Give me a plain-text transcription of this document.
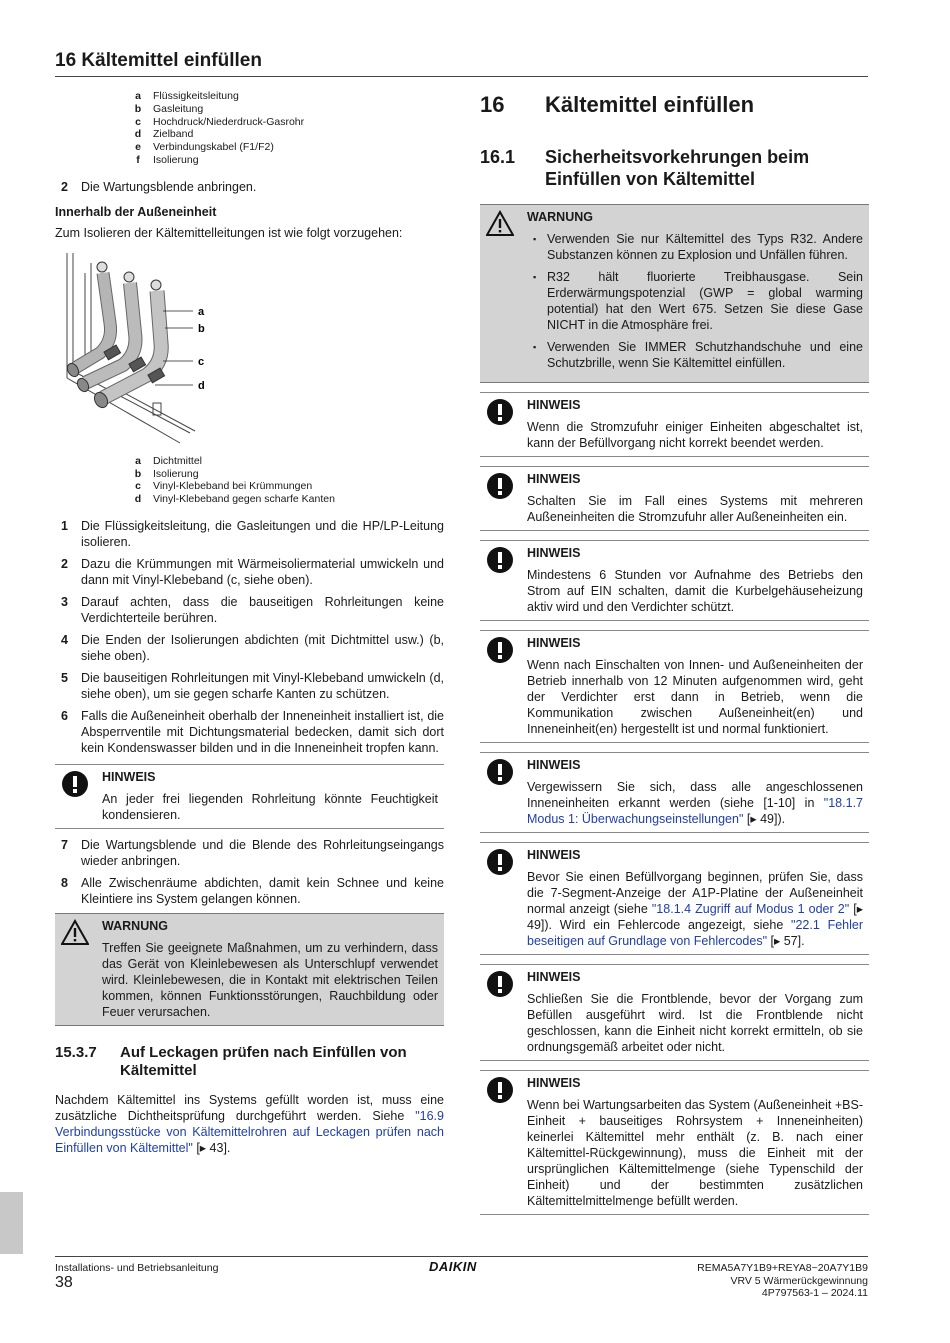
16 Kältemittel einfüllen
a	Flüssigkeitsleitung
b	Gasleitung
c	Hochdruck/Niederdruck-Gasrohr
d	Zielband
e	Verbindungskabel (F1/F2)
f	Isolierung
2	Die Wartungsblende anbringen.
Innerhalb der Außeneinheit
Zum Isolieren der Kältemittelleitungen ist wie folgt vorzugehen:
a
b
c
d
a	Dichtmittel
b	Isolierung
c	Vinyl-Klebeband bei Krümmungen
d	Vinyl-Klebeband gegen scharfe Kanten
1	Die Flüssigkeitsleitung, die Gasleitungen und die HP/LP-Leitung isolieren.
2	Dazu die Krümmungen mit Wärmeisoliermaterial umwickeln und dann mit Vinyl-Klebeband (c, siehe oben).
3	Darauf achten, dass die bauseitigen Rohrleitungen keine Verdichterteile berühren.
4	Die Enden der Isolierungen abdichten (mit Dichtmittel usw.) (b, siehe oben).
5	Die bauseitigen Rohrleitungen mit Vinyl-Klebeband umwickeln (d, siehe oben), um sie gegen scharfe Kanten zu schützen.
6	Falls die Außeneinheit oberhalb der Inneneinheit installiert ist, die Absperrventile mit Dichtungsmaterial bedecken, damit sich dort kein Kondenswasser bilden und in die Inneneinheit tropfen kann.
HINWEIS
An jeder frei liegenden Rohrleitung könnte Feuchtigkeit kondensieren.
7	Die Wartungsblende und die Blende des Rohrleitungseingangs wieder anbringen.
8	Alle Zwischenräume abdichten, damit kein Schnee und keine Kleintiere ins System gelangen können.
WARNUNG
Treffen Sie geeignete Maßnahmen, um zu verhindern, dass das Gerät von Kleinlebewesen als Unterschlupf verwendet wird. Kleinlebewesen, die in Kontakt mit elektrischen Teilen kommen, können Funktionsstörungen, Rauchbildung oder Feuer verursachen.
15.3.7	Auf Leckagen prüfen nach Einfüllen von Kältemittel
Nachdem Kältemittel ins Systems gefüllt worden ist, muss eine zusätzliche Dichtheitsprüfung durchgeführt werden. Siehe "16.9 Verbindungsstücke von Kältemittelrohren auf Leckagen prüfen nach Einfüllen von Kältemittel" [▸ 43].
16	Kältemittel einfüllen
16.1	Sicherheitsvorkehrungen beim Einfüllen von Kältemittel
WARNUNG
▪ Verwenden Sie nur Kältemittel des Typs R32. Andere Substanzen können zu Explosion und Unfällen führen.
▪ R32 hält fluorierte Treibhausgase. Sein Erderwärmungspotenzial (GWP = global warming potential) hat den Wert 675. Setzen Sie diese Gase NICHT in die Atmosphäre frei.
▪ Verwenden Sie IMMER Schutzhandschuhe und eine Schutzbrille, wenn Sie Kältemittel einfüllen.
HINWEIS
Wenn die Stromzufuhr einiger Einheiten abgeschaltet ist, kann der Befüllvorgang nicht korrekt beendet werden.
HINWEIS
Schalten Sie im Fall eines Systems mit mehreren Außeneinheiten die Stromzufuhr aller Außeneinheiten ein.
HINWEIS
Mindestens 6 Stunden vor Aufnahme des Betriebs den Strom auf EIN schalten, damit die Kurbelgehäuseheizung aktiv wird und den Verdichter schützt.
HINWEIS
Wenn nach Einschalten von Innen- und Außeneinheiten der Betrieb innerhalb von 12 Minuten aufgenommen wird, geht der Verdichter erst dann in Betrieb, wenn die Kommunikation zwischen Außeneinheit(en) und Inneneinheit(en) hergestellt ist und normal funktioniert.
HINWEIS
Vergewissern Sie sich, dass alle angeschlossenen Inneneinheiten erkannt werden (siehe [1-10] in "18.1.7 Modus 1: Überwachungseinstellungen" [▸ 49]).
HINWEIS
Bevor Sie einen Befüllvorgang beginnen, prüfen Sie, dass die 7-Segment-Anzeige der A1P-Platine der Außeneinheit normal anzeigt (siehe "18.1.4 Zugriff auf Modus 1 oder 2" [▸ 49]). Wird ein Fehlercode angezeigt, siehe "22.1 Fehler beseitigen auf Grundlage von Fehlercodes" [▸ 57].
HINWEIS
Schließen Sie die Frontblende, bevor der Vorgang zum Befüllen ausgeführt wird. Ist die Frontblende nicht geschlossen, kann die Einheit nicht korrekt ermitteln, ob sie ordnungsgemäß arbeitet oder nicht.
HINWEIS
Wenn bei Wartungsarbeiten das System (Außeneinheit +BS-Einheit + bauseitiges Rohrsystem + Inneneinheiten) keinerlei Kältemittel mehr enthält (z. B. nach einer Kältemittel-Rückgewinnung), muss die Einheit mit der ursprünglichen Kältemittelmenge (siehe Typenschild der Einheit) und der bestimmten zusätzlichen Kältemittelmittelmenge befüllt werden.
Installations- und Betriebsanleitung
38
DAIKIN	REMA5A7Y1B9+REYA8~20A7Y1B9
VRV 5 Wärmerückgewinnung
4P797563-1 – 2024.11
